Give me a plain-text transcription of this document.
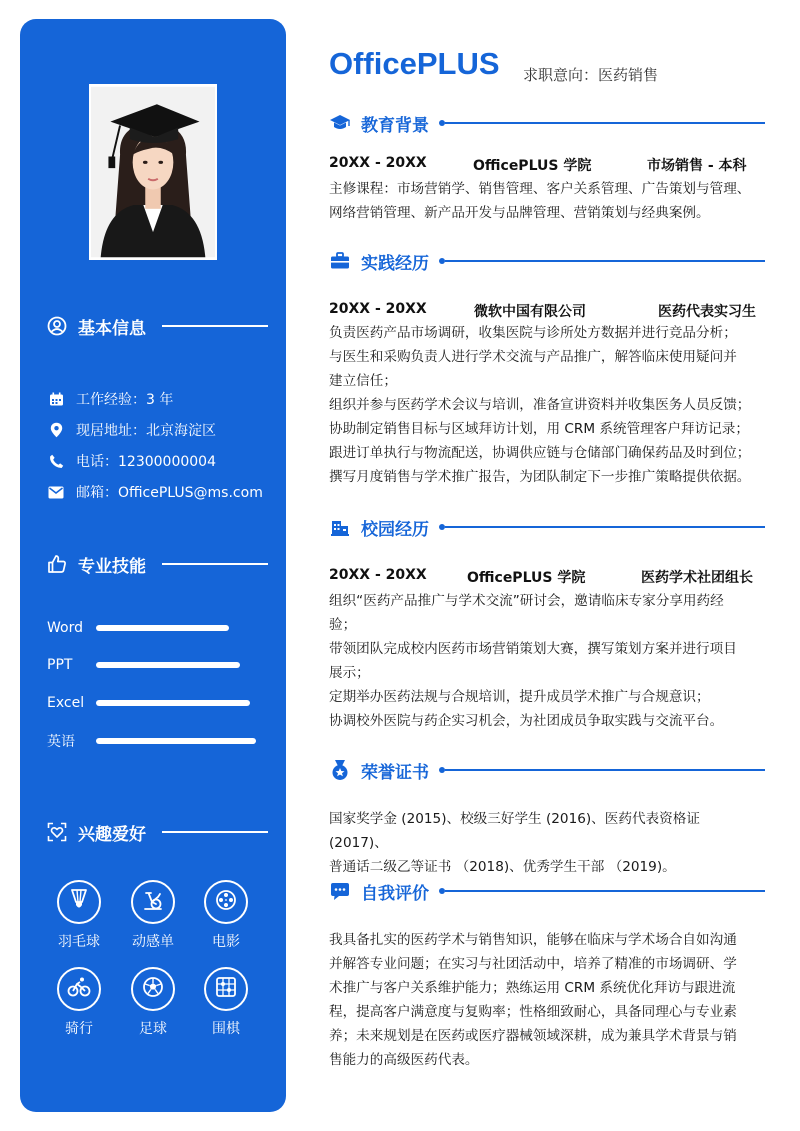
基本信息
工作经验：3 年
现居地址：北京海淀区
电话：12300000004
邮箱：OfficePLUS@ms.com
专业技能
Word
PPT
Excel
英语
兴趣爱好
羽毛球	动感单	电影
骑行	足球	围棋
OfficePLUS 求职意向：医药销售
教育背景
20XX - 20XX	OfficePLUS 学院	市场销售 - 本科

主修课程：市场营销学、销售管理、客户关系管理、广告策划与管理、

网络营销管理、新产品开发与品牌管理、营销策划与经典案例。

实践经历
20XX - 20XX	微软中国有限公司	医药代表实习生

负责医药产品市场调研，收集医院与诊所处方数据并进行竞品分析；

与医生和采购负责人进行学术交流与产品推广，解答临床使用疑问并

建立信任；

组织并参与医药学术会议与培训，准备宣讲资料并收集医务人员反馈；

协助制定销售目标与区域拜访计划，用 CRM 系统管理客户拜访记录；

跟进订单执行与物流配送，协调供应链与仓储部门确保药品及时到位；

撰写月度销售与学术推广报告，为团队制定下一步推广策略提供依据。

校园经历
20XX - 20XX	OfficePLUS 学院	医药学术社团组长

组织“医药产品推广与学术交流”研讨会，邀请临床专家分享用药经

验；

带领团队完成校内医药市场营销策划大赛，撰写策划方案并进行项目

展示；

定期举办医药法规与合规培训，提升成员学术推广与合规意识；

协调校外医院与药企实习机会，为社团成员争取实践与交流平台。

荣誉证书

国家奖学金 (2015)、校级三好学生 (2016)、医药代表资格证 (2017)、

普通话二级乙等证书 （2018)、优秀学生干部 （2019)。

自我评价

我具备扎实的医药学术与销售知识，能够在临床与学术场合自如沟通

并解答专业问题；在实习与社团活动中，培养了精准的市场调研、学

术推广与客户关系维护能力；熟练运用 CRM 系统优化拜访与跟进流

程，提高客户满意度与复购率；性格细致耐心，具备同理心与专业素

养；未来规划是在医药或医疗器械领域深耕，成为兼具学术背景与销

售能力的高级医药代表。
